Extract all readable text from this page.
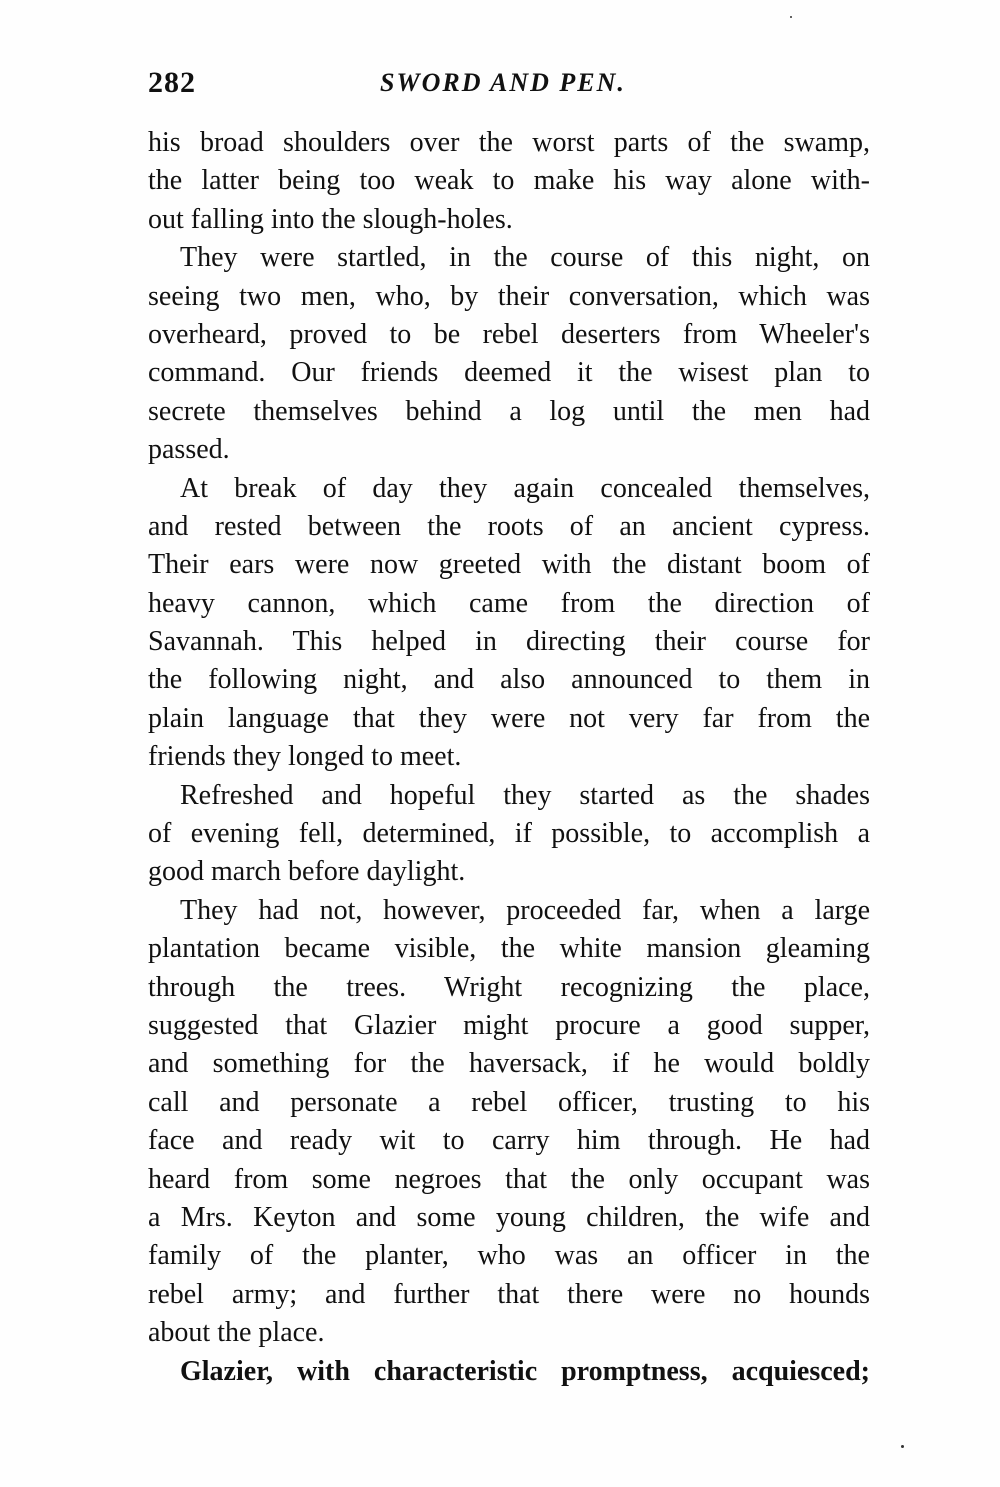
282	SWORD AND PEN.
his broad shoulders over the worst parts of the swamp,
the latter being too weak to make his way alone with-
out falling into the slough-holes.
They were startled, in the course of this night, on
seeing two men, who, by their conversation, which was
overheard, proved to be rebel deserters from Wheeler's
command. Our friends deemed it the wisest plan to
secrete themselves behind a log until the men had
passed.
At break of day they again concealed themselves,
and rested between the roots of an ancient cypress.
Their ears were now greeted with the distant boom of
heavy cannon, which came from the direction of
Savannah. This helped in directing their course for
the following night, and also announced to them in
plain language that they were not very far from the
friends they longed to meet.
Refreshed and hopeful they started as the shades
of evening fell, determined, if possible, to accomplish a
good march before daylight.
They had not, however, proceeded far, when a large
plantation became visible, the white mansion gleaming
through the trees. Wright recognizing the place,
suggested that Glazier might procure a good supper,
and something for the haversack, if he would boldly
call and personate a rebel officer, trusting to his
face and ready wit to carry him through. He had
heard from some negroes that the only occupant was
a Mrs. Keyton and some young children, the wife and
family of the planter, who was an officer in the
rebel army; and further that there were no hounds
about the place.
Glazier, with characteristic promptness, acquiesced;
